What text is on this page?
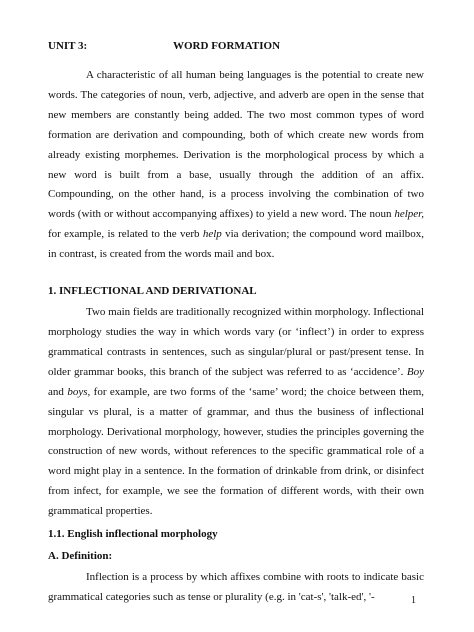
UNIT 3:	WORD FORMATION

A characteristic of all human being languages is the potential to create new words. The categories of noun, verb, adjective, and adverb are open in the sense that new members are constantly being added. The two most common types of word formation are derivation and compounding, both of which create new words from already existing morphemes. Derivation is the morphological process by which a new word is built from a base, usually through the addition of an affix. Compounding, on the other hand, is a process involving the combination of two words (with or without accompanying affixes) to yield a new word. The noun helper, for example, is related to the verb help via derivation; the compound word mailbox, in contrast, is created from the words mail and box.

1. INFLECTIONAL AND DERIVATIONAL

Two main fields are traditionally recognized within morphology. Inflectional morphology studies the way in which words vary (or ‘inflect’) in order to express grammatical contrasts in sentences, such as singular/plural or past/present tense. In older grammar books, this branch of the subject was referred to as ‘accidence’. Boy and boys, for example, are two forms of the ‘same’ word; the choice between them, singular vs plural, is a matter of grammar, and thus the business of inflectional morphology. Derivational morphology, however, studies the principles governing the construction of new words, without references to the specific grammatical role of a word might play in a sentence. In the formation of drinkable from drink, or disinfect from infect, for example, we see the formation of different words, with their own grammatical properties.

1.1. English inflectional morphology
A. Definition:

Inflection is a process by which affixes combine with roots to indicate basic grammatical categories such as tense or plurality (e.g. in 'cat-s', 'talk-ed', '-	1
